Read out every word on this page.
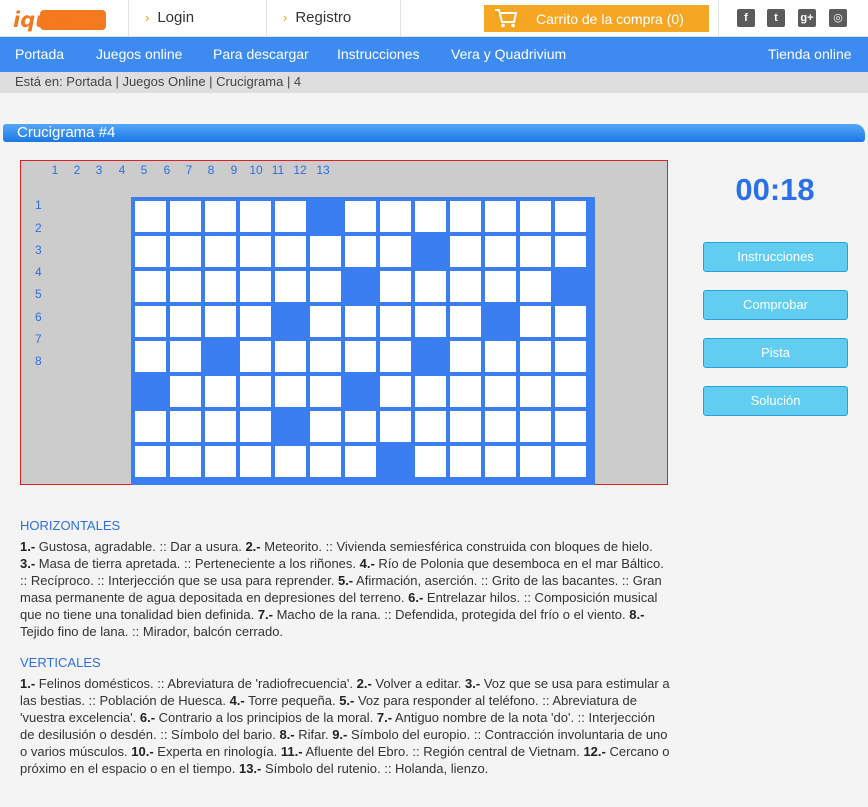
iquiz	› Login	› Registro	Carrito de la compra (0)	f	t	g+	◎
Portada Juegos online Para descargar Instrucciones Vera y Quadrivium	Tienda online
Está en: Portada | Juegos Online | Crucigrama | 4
Crucigrama #4
1	2	3	4	5	6	7	8	9 10 11 12 13
1
2
3
4
5
6
7
8
00:18
Instrucciones
Comprobar
Pista
Solución
HORIZONTALES
1.- Gustosa, agradable. :: Dar a usura. 2.- Meteorito. :: Vivienda semiesférica construida con bloques de hielo. 3.- Masa de tierra apretada. :: Perteneciente a los riñones. 4.- Río de Polonia que desemboca en el mar Báltico. :: Recíproco. :: Interjección que se usa para reprender. 5.- Afirmación, aserción. :: Grito de las bacantes. :: Gran masa permanente de agua depositada en depresiones del terreno. 6.- Entrelazar hilos. :: Composición musical que no tiene una tonalidad bien definida. 7.- Macho de la rana. :: Defendida, protegida del frío o el viento. 8.- Tejido fino de lana. :: Mirador, balcón cerrado.
VERTICALES
1.- Felinos domésticos. :: Abreviatura de 'radiofrecuencia'. 2.- Volver a editar. 3.- Voz que se usa para estimular a las bestias. :: Población de Huesca. 4.- Torre pequeña. 5.- Voz para responder al teléfono. :: Abreviatura de 'vuestra excelencia'. 6.- Contrario a los principios de la moral. 7.- Antiguo nombre de la nota 'do'. :: Interjección de desilusión o desdén. :: Símbolo del bario. 8.- Rifar. 9.- Símbolo del europio. :: Contracción involuntaria de uno o varios músculos. 10.- Experta en rinología. 11.- Afluente del Ebro. :: Región central de Vietnam. 12.- Cercano o próximo en el espacio o en el tiempo. 13.- Símbolo del rutenio. :: Holanda, lienzo.
